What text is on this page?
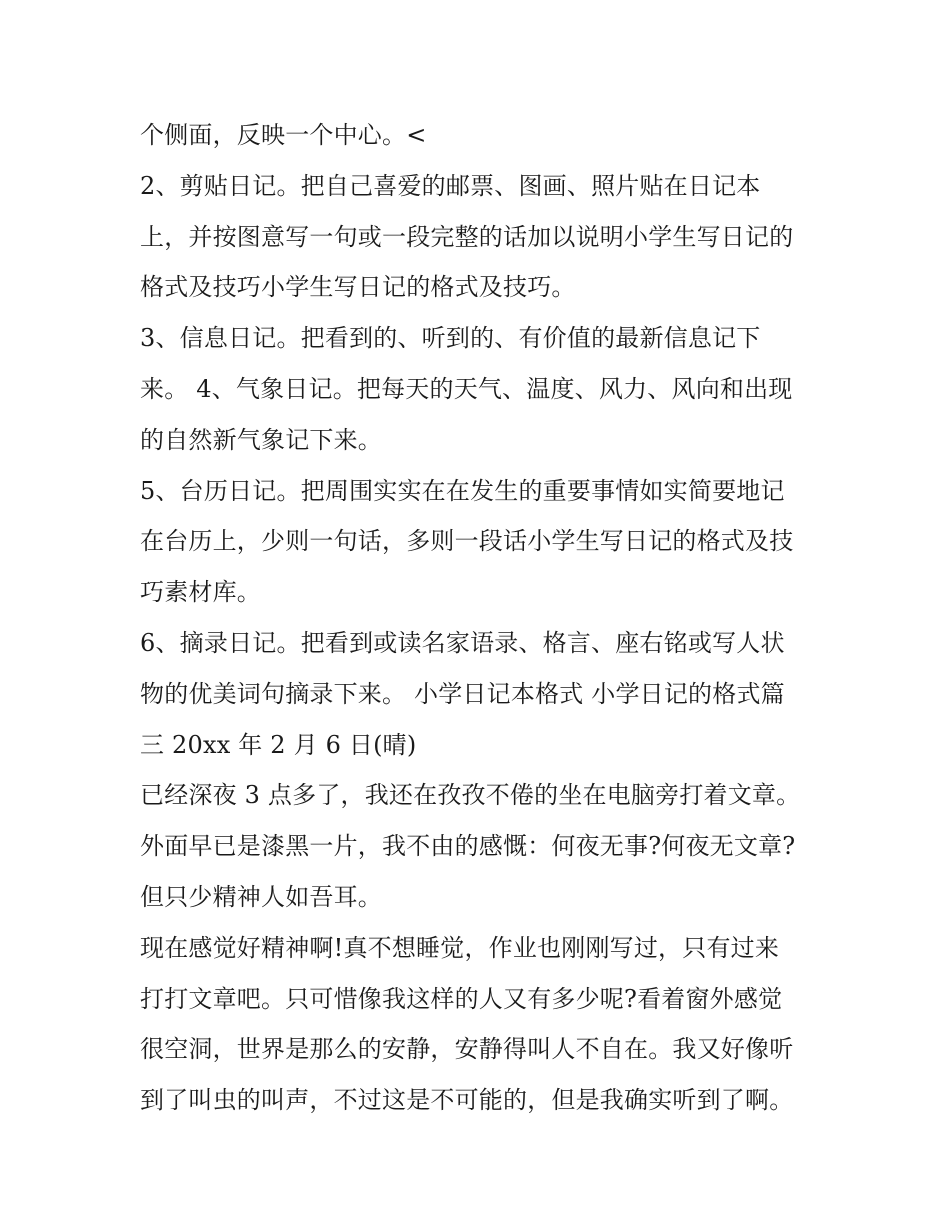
个侧面，反映一个中心。<
2、剪贴日记。把自己喜爱的邮票、图画、照片贴在日记本
上，并按图意写一句或一段完整的话加以说明小学生写日记的
格式及技巧小学生写日记的格式及技巧。
3、信息日记。把看到的、听到的、有价值的最新信息记下
来。 4、气象日记。把每天的天气、温度、风力、风向和出现
的自然新气象记下来。
5、台历日记。把周围实实在在发生的重要事情如实简要地记
在台历上，少则一句话，多则一段话小学生写日记的格式及技
巧素材库。
6、摘录日记。把看到或读名家语录、格言、座右铭或写人状
物的优美词句摘录下来。 小学日记本格式 小学日记的格式篇
三 20xx 年 2 月 6 日(晴)
已经深夜 3 点多了，我还在孜孜不倦的坐在电脑旁打着文章。
外面早已是漆黑一片，我不由的感慨：何夜无事?何夜无文章?
但只少精神人如吾耳。
现在感觉好精神啊!真不想睡觉，作业也刚刚写过，只有过来
打打文章吧。只可惜像我这样的人又有多少呢?看着窗外感觉
很空洞，世界是那么的安静，安静得叫人不自在。我又好像听
到了叫虫的叫声，不过这是不可能的，但是我确实听到了啊。
